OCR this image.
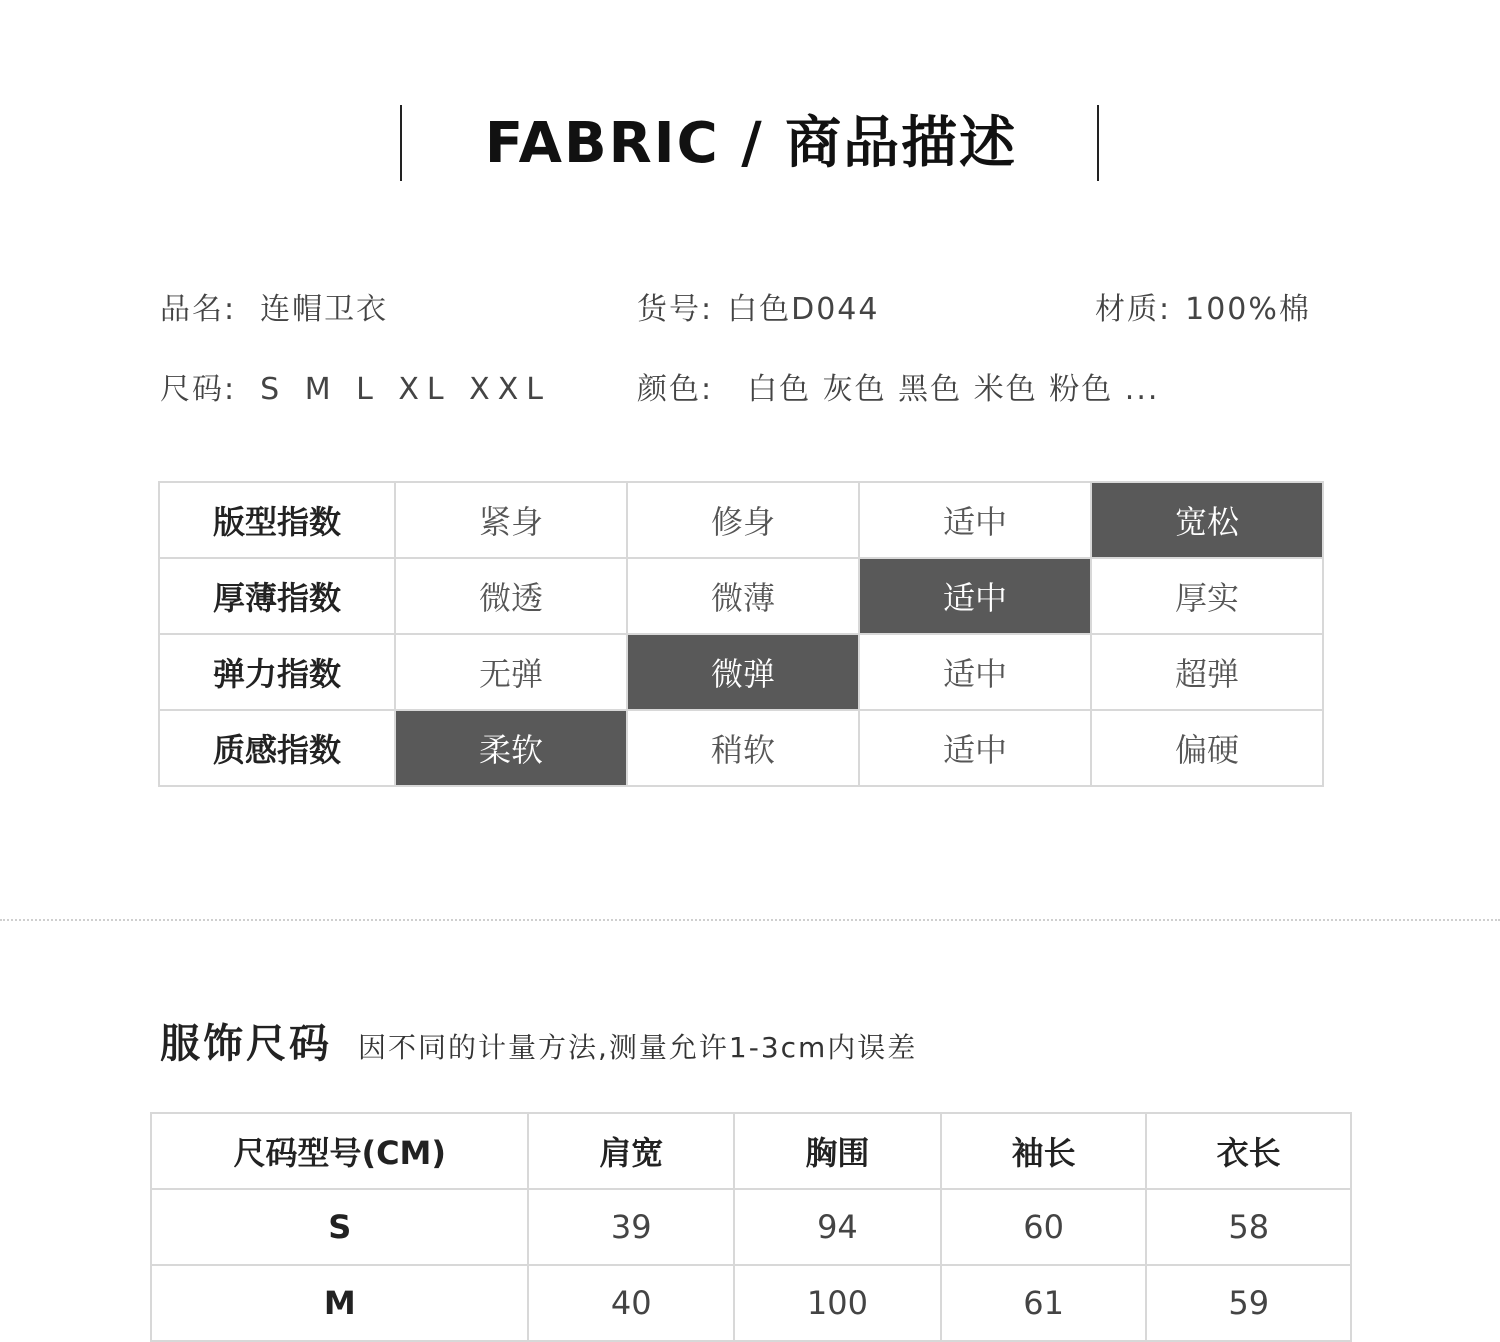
FABRIC / 商品描述
品名: 连帽卫衣	货号: 白色D044	材质: 100%棉
尺码: S M L XL XXL	颜色: 白色 灰色 黑色 米色 粉色 ...
版型指数	紧身	修身	适中	宽松
厚薄指数	微透	微薄	适中	厚实
弹力指数	无弹	微弹	适中	超弹
质感指数	柔软	稍软	适中	偏硬
服饰尺码 因不同的计量方法,测量允许1-3cm内误差
尺码型号(CM)	肩宽	胸围	袖长	衣长
S	39	94	60	58
M	40	100	61	59
